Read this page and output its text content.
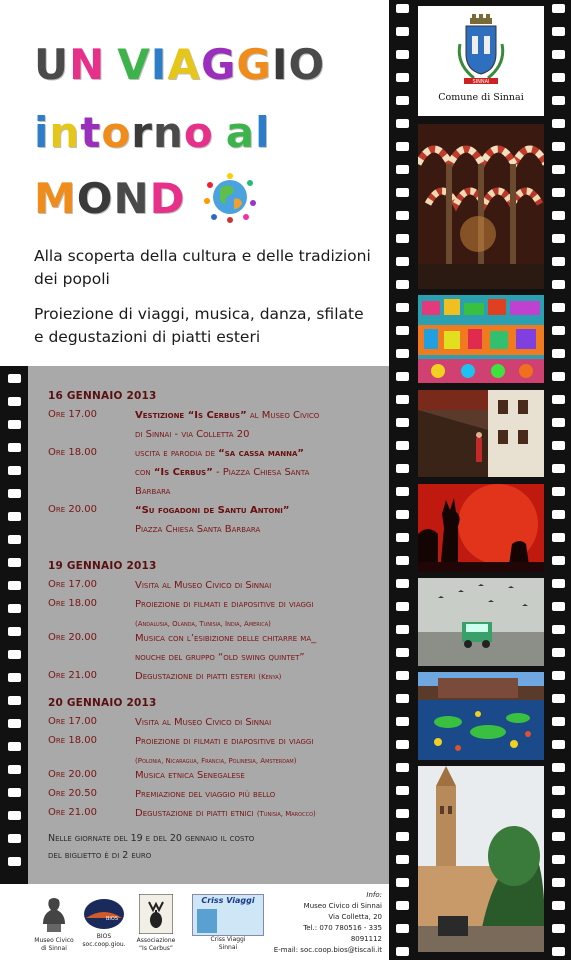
UN VIAGGIO
intorno al
MOND
Alla scoperta della cultura e delle tradizioni dei popoli
Proiezione di viaggi, musica, danza, sfilate e degustazioni di piatti esteri
SINNAI
Comune di Sinnai
16 GENNAIO 2013
Ore 17.00	Vestizione “Is Cerbus” al Museo Civico
di Sinnai - via Colletta 20
Ore 18.00	uscita e parodia de “sa cassa manna”
con “Is Cerbus” - Piazza Chiesa Santa
Barbara
Ore 20.00	“Su fogadoni de Santu Antoni”
Piazza Chiesa Santa Barbara
19 GENNAIO 2013
Ore 17.00	Visita al Museo Civico di Sinnai
Ore 18.00	Proiezione di filmati e diapositive di viaggi
(Andalusia, Olanda, Tunisia, India, America)
Ore 20.00	Musica con l’esibizione delle chitarre ma_
nouche del gruppo “old swing quintet”
Ore 21.00	Degustazione di piatti esteri (Kenya)
20 GENNAIO 2013
Ore 17.00	Visita al Museo Civico di Sinnai
Ore 18.00	Proiezione di filmati e diapositive di viaggi
(Polonia, Nicaragua, Francia, Polinesia, Amsterdam)
Ore 20.00	Musica etnica Senegalese
Ore 20.50	Premiazione del viaggio più bello
Ore 21.00	Degustazione di piatti etnici (Tunisia, Marocco)
Nelle giornate del 19 e del 20 gennaio il costo
del biglietto è di 2 euro
Museo Civico
di Sinnai
BIOS
BIOS
soc.coop.giou.
Associazione
“Is Cerbus”
Criss Viaggi
Criss Viaggi
Sinnai
Info:
Museo Civico di Sinnai
Via Colletta, 20
Tel.: 070 780516 - 335 8091112
E-mail: soc.coop.bios@tiscali.it
